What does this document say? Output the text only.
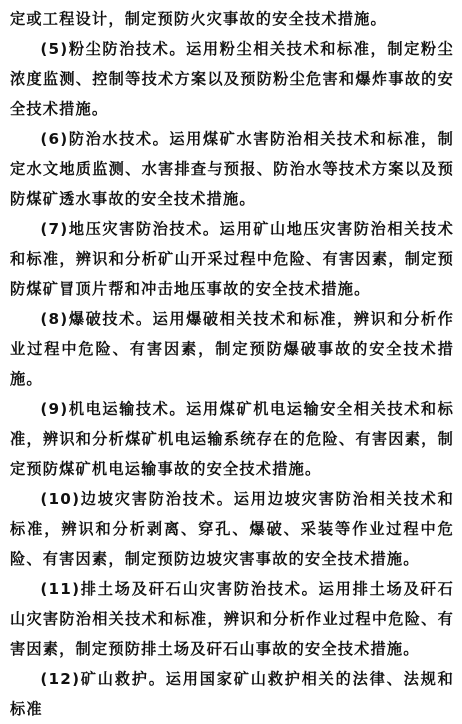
定或工程设计，制定预防火灾事故的安全技术措施。

(5)粉尘防治技术。运用粉尘相关技术和标准，制定粉尘浓度监测、控制等技术方案以及预防粉尘危害和爆炸事故的安全技术措施。

(6)防治水技术。运用煤矿水害防治相关技术和标准，制定水文地质监测、水害排查与预报、防治水等技术方案以及预防煤矿透水事故的安全技术措施。

(7)地压灾害防治技术。运用矿山地压灾害防治相关技术和标准，辨识和分析矿山开采过程中危险、有害因素，制定预防煤矿冒顶片帮和冲击地压事故的安全技术措施。

(8)爆破技术。运用爆破相关技术和标准，辨识和分析作业过程中危险、有害因素，制定预防爆破事故的安全技术措施。

(9)机电运输技术。运用煤矿机电运输安全相关技术和标准，辨识和分析煤矿机电运输系统存在的危险、有害因素，制定预防煤矿机电运输事故的安全技术措施。

(10)边坡灾害防治技术。运用边坡灾害防治相关技术和标准，辨识和分析剥离、穿孔、爆破、采装等作业过程中危险、有害因素，制定预防边坡灾害事故的安全技术措施。

(11)排土场及矸石山灾害防治技术。运用排土场及矸石山灾害防治相关技术和标准，辨识和分析作业过程中危险、有害因素，制定预防排土场及矸石山事故的安全技术措施。

(12)矿山救护。运用国家矿山救护相关的法律、法规和标准
